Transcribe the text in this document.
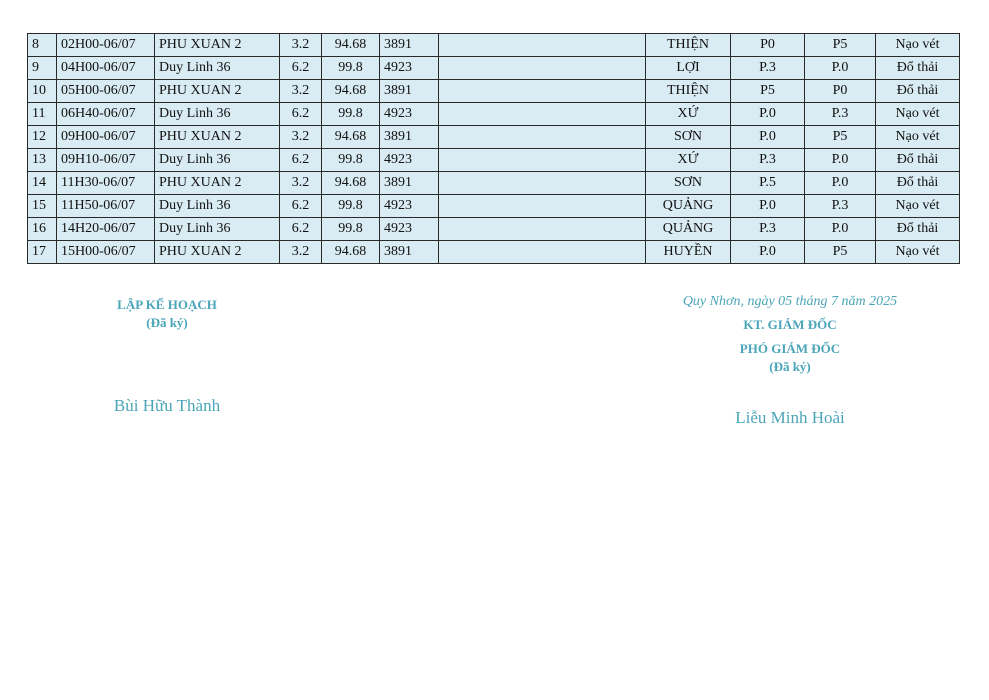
8	02H00-06/07	PHU XUAN 2	3.2	94.68	3891		THIỆN	P0	P5	Nạo vét
9	04H00-06/07	Duy Linh 36	6.2	99.8	4923		LỢI	P.3	P.0	Đổ thải
10	05H00-06/07	PHU XUAN 2	3.2	94.68	3891		THIỆN	P5	P0	Đổ thải
11	06H40-06/07	Duy Linh 36	6.2	99.8	4923		XỨ	P.0	P.3	Nạo vét
12	09H00-06/07	PHU XUAN 2	3.2	94.68	3891		SƠN	P.0	P5	Nạo vét
13	09H10-06/07	Duy Linh 36	6.2	99.8	4923		XỨ	P.3	P.0	Đổ thải
14	11H30-06/07	PHU XUAN 2	3.2	94.68	3891		SƠN	P.5	P.0	Đổ thải
15	11H50-06/07	Duy Linh 36	6.2	99.8	4923		QUẢNG	P.0	P.3	Nạo vét
16	14H20-06/07	Duy Linh 36	6.2	99.8	4923		QUẢNG	P.3	P.0	Đổ thải
17	15H00-06/07	PHU XUAN 2	3.2	94.68	3891		HUYỀN	P.0	P5	Nạo vét
LẬP KẾ HOẠCH
(Đã ký)
Bùi Hữu Thành
Quy Nhơn, ngày 05 tháng 7 năm 2025
KT. GIÁM ĐỐC
PHÓ GIÁM ĐỐC
(Đã ký)
Liễu Minh Hoài
